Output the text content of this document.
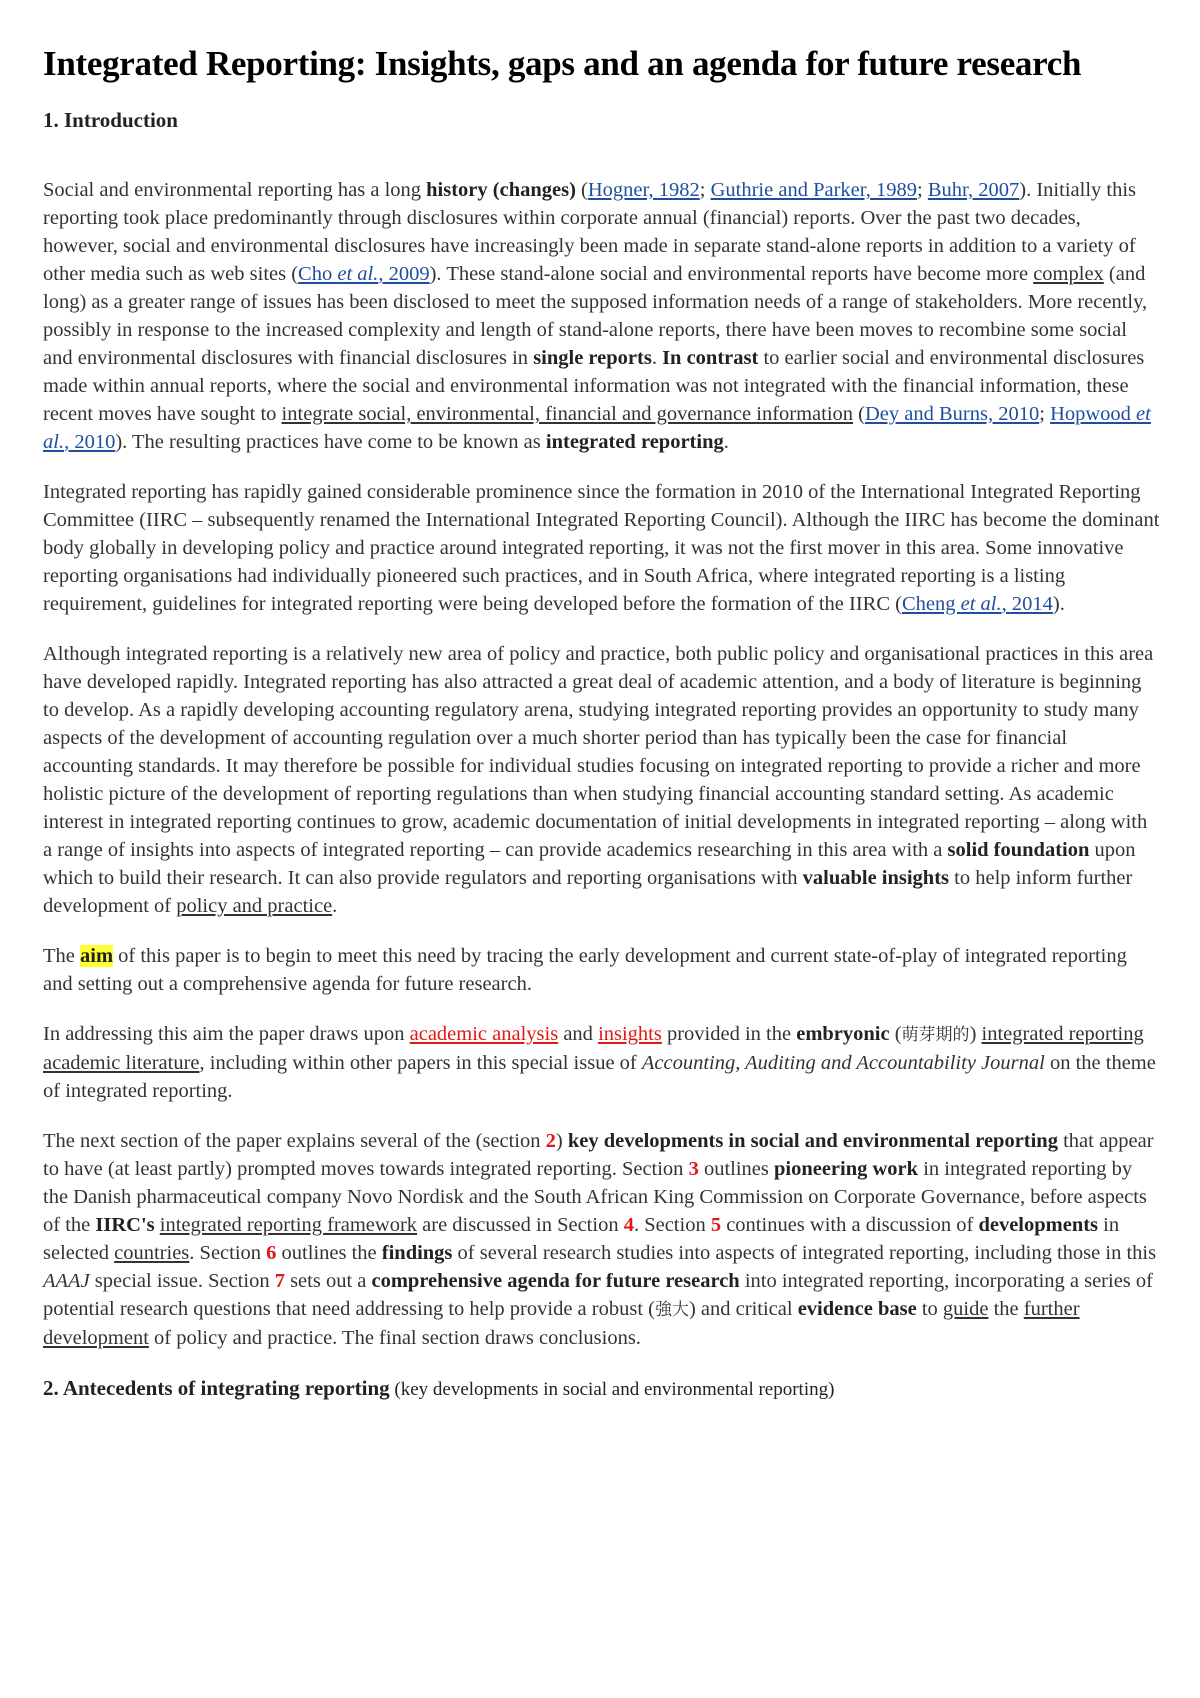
Integrated Reporting: Insights, gaps and an agenda for future research
1. Introduction

Social and environmental reporting has a long history (changes) (Hogner, 1982; Guthrie and Parker, 1989; Buhr, 2007). Initially this reporting took place predominantly through disclosures within corporate annual (financial) reports. Over the past two decades, however, social and environmental disclosures have increasingly been made in separate stand-alone reports in addition to a variety of other media such as web sites (Cho et al., 2009). These stand-alone social and environmental reports have become more complex (and long) as a greater range of issues has been disclosed to meet the supposed information needs of a range of stakeholders. More recently, possibly in response to the increased complexity and length of stand-alone reports, there have been moves to recombine some social and environmental disclosures with financial disclosures in single reports. In contrast to earlier social and environmental disclosures made within annual reports, where the social and environmental information was not integrated with the financial information, these recent moves have sought to integrate social, environmental, financial and governance information (Dey and Burns, 2010; Hopwood et al., 2010). The resulting practices have come to be known as integrated reporting.

Integrated reporting has rapidly gained considerable prominence since the formation in 2010 of the International Integrated Reporting Committee (IIRC – subsequently renamed the International Integrated Reporting Council). Although the IIRC has become the dominant body globally in developing policy and practice around integrated reporting, it was not the first mover in this area. Some innovative reporting organisations had individually pioneered such practices, and in South Africa, where integrated reporting is a listing requirement, guidelines for integrated reporting were being developed before the formation of the IIRC (Cheng et al., 2014).

Although integrated reporting is a relatively new area of policy and practice, both public policy and organisational practices in this area have developed rapidly. Integrated reporting has also attracted a great deal of academic attention, and a body of literature is beginning to develop. As a rapidly developing accounting regulatory arena, studying integrated reporting provides an opportunity to study many aspects of the development of accounting regulation over a much shorter period than has typically been the case for financial accounting standards. It may therefore be possible for individual studies focusing on integrated reporting to provide a richer and more holistic picture of the development of reporting regulations than when studying financial accounting standard setting. As academic interest in integrated reporting continues to grow, academic documentation of initial developments in integrated reporting – along with a range of insights into aspects of integrated reporting – can provide academics researching in this area with a solid foundation upon which to build their research. It can also provide regulators and reporting organisations with valuable insights to help inform further development of policy and practice.

The aim of this paper is to begin to meet this need by tracing the early development and current state-of-play of integrated reporting and setting out a comprehensive agenda for future research.

In addressing this aim the paper draws upon academic analysis and insights provided in the embryonic (萌芽期的) integrated reporting academic literature, including within other papers in this special issue of Accounting, Auditing and Accountability Journal on the theme of integrated reporting.

The next section of the paper explains several of the (section 2) key developments in social and environmental reporting that appear to have (at least partly) prompted moves towards integrated reporting. Section 3 outlines pioneering work in integrated reporting by the Danish pharmaceutical company Novo Nordisk and the South African King Commission on Corporate Governance, before aspects of the IIRC's integrated reporting framework are discussed in Section 4. Section 5 continues with a discussion of developments in selected countries. Section 6 outlines the findings of several research studies into aspects of integrated reporting, including those in this AAAJ special issue. Section 7 sets out a comprehensive agenda for future research into integrated reporting, incorporating a series of potential research questions that need addressing to help provide a robust (強大) and critical evidence base to guide the further development of policy and practice. The final section draws conclusions.

2. Antecedents of integrating reporting (key developments in social and environmental reporting)
